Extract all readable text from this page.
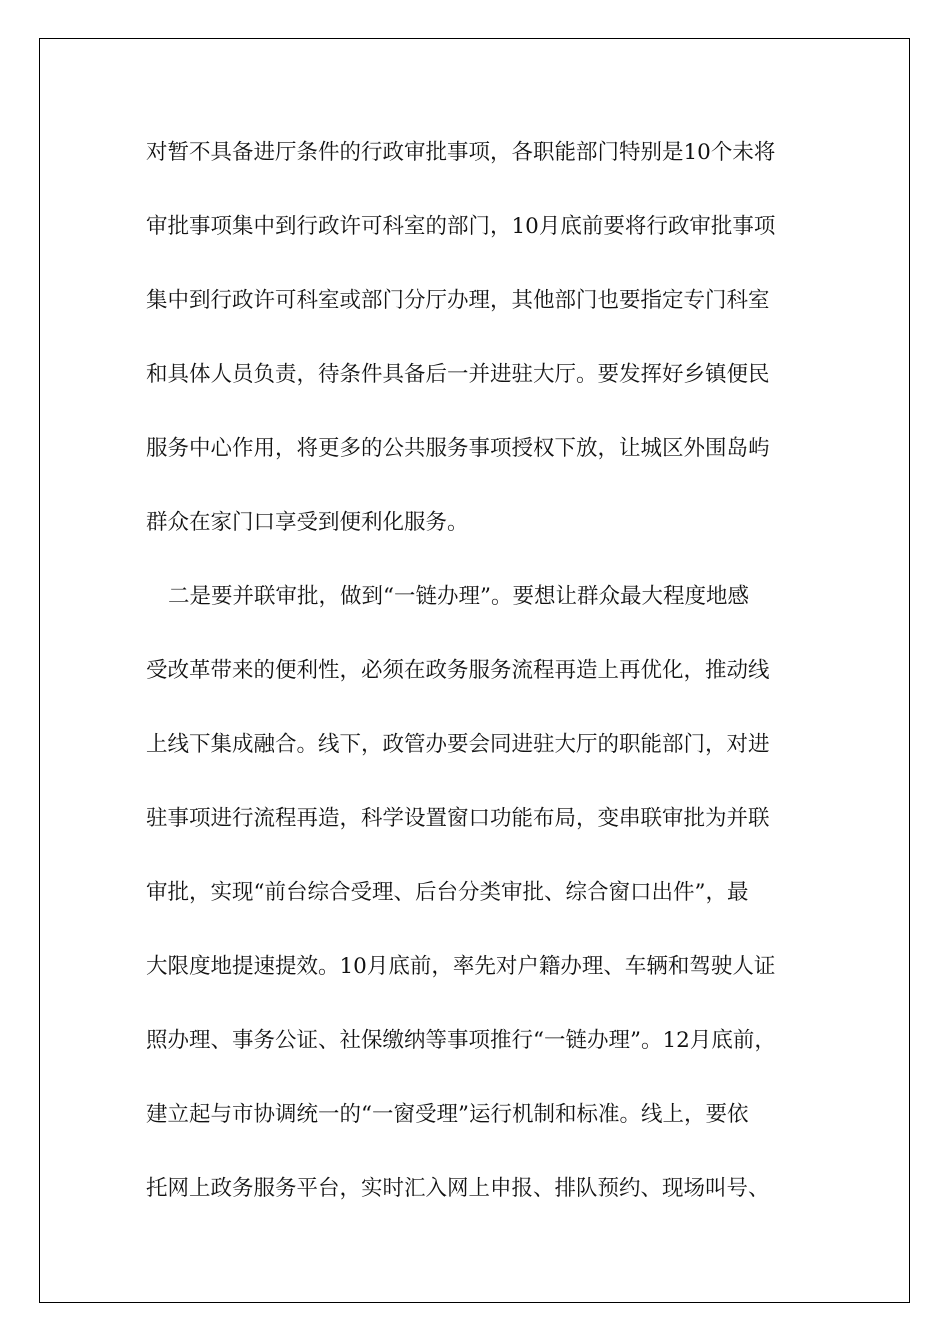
对暂不具备进厅条件的行政审批事项，各职能部门特别是10个未将
审批事项集中到行政许可科室的部门，10月底前要将行政审批事项
集中到行政许可科室或部门分厅办理，其他部门也要指定专门科室
和具体人员负责，待条件具备后一并进驻大厅。要发挥好乡镇便民
服务中心作用，将更多的公共服务事项授权下放，让城区外围岛屿
群众在家门口享受到便利化服务。
二是要并联审批，做到“一链办理”。要想让群众最大程度地感
受改革带来的便利性，必须在政务服务流程再造上再优化，推动线
上线下集成融合。线下，政管办要会同进驻大厅的职能部门，对进
驻事项进行流程再造，科学设置窗口功能布局，变串联审批为并联
审批，实现“前台综合受理、后台分类审批、综合窗口出件”，最
大限度地提速提效。10月底前，率先对户籍办理、车辆和驾驶人证
照办理、事务公证、社保缴纳等事项推行“一链办理”。12月底前，
建立起与市协调统一的“一窗受理”运行机制和标准。线上，要依
托网上政务服务平台，实时汇入网上申报、排队预约、现场叫号、
